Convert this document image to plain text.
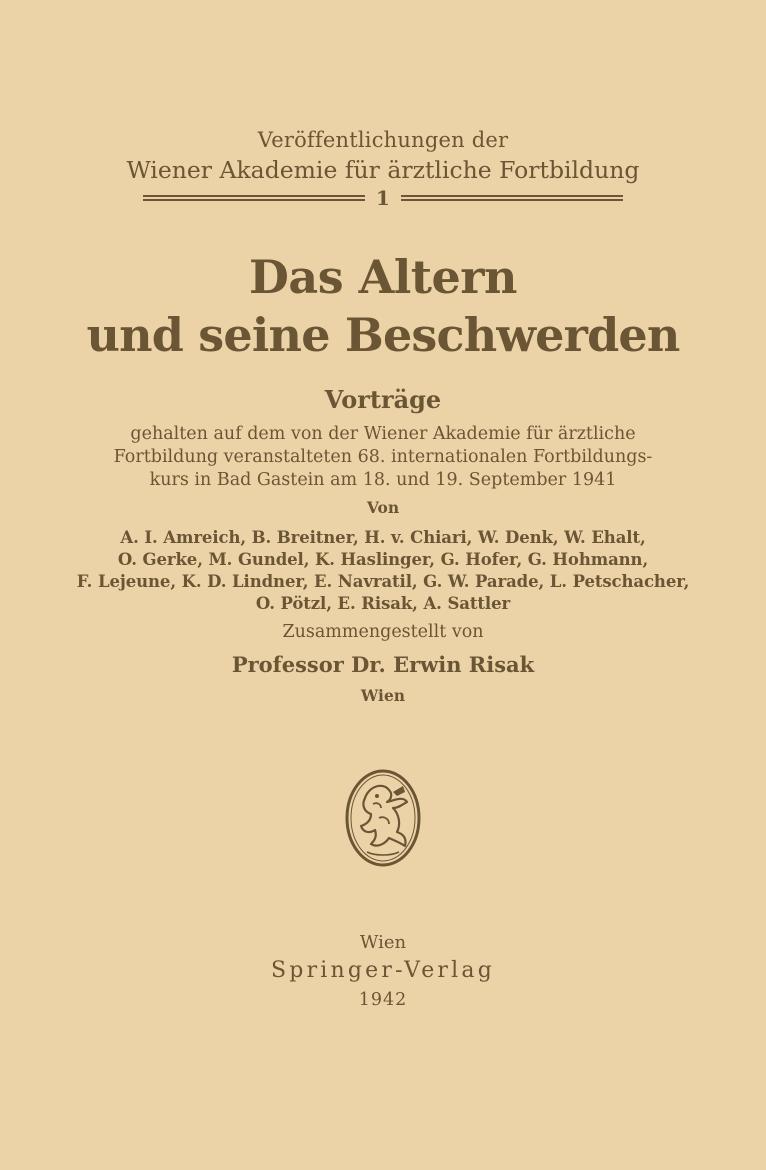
Veröffentlichungen der
Wiener Akademie für ärztliche Fortbildung
1
Das Altern
und seine Beschwerden
Vorträge
gehalten auf dem von der Wiener Akademie für ärztliche
Fortbildung veranstalteten 68. internationalen Fortbildungs-
kurs in Bad Gastein am 18. und 19. September 1941
Von
A. I. Amreich, B. Breitner, H. v. Chiari, W. Denk, W. Ehalt,
O. Gerke, M. Gundel, K. Haslinger, G. Hofer, G. Hohmann,
F. Lejeune, K. D. Lindner, E. Navratil, G. W. Parade, L. Petschacher,
O. Pötzl, E. Risak, A. Sattler
Zusammengestellt von
Professor Dr. Erwin Risak
Wien
Wien
Springer-Verlag
1942
